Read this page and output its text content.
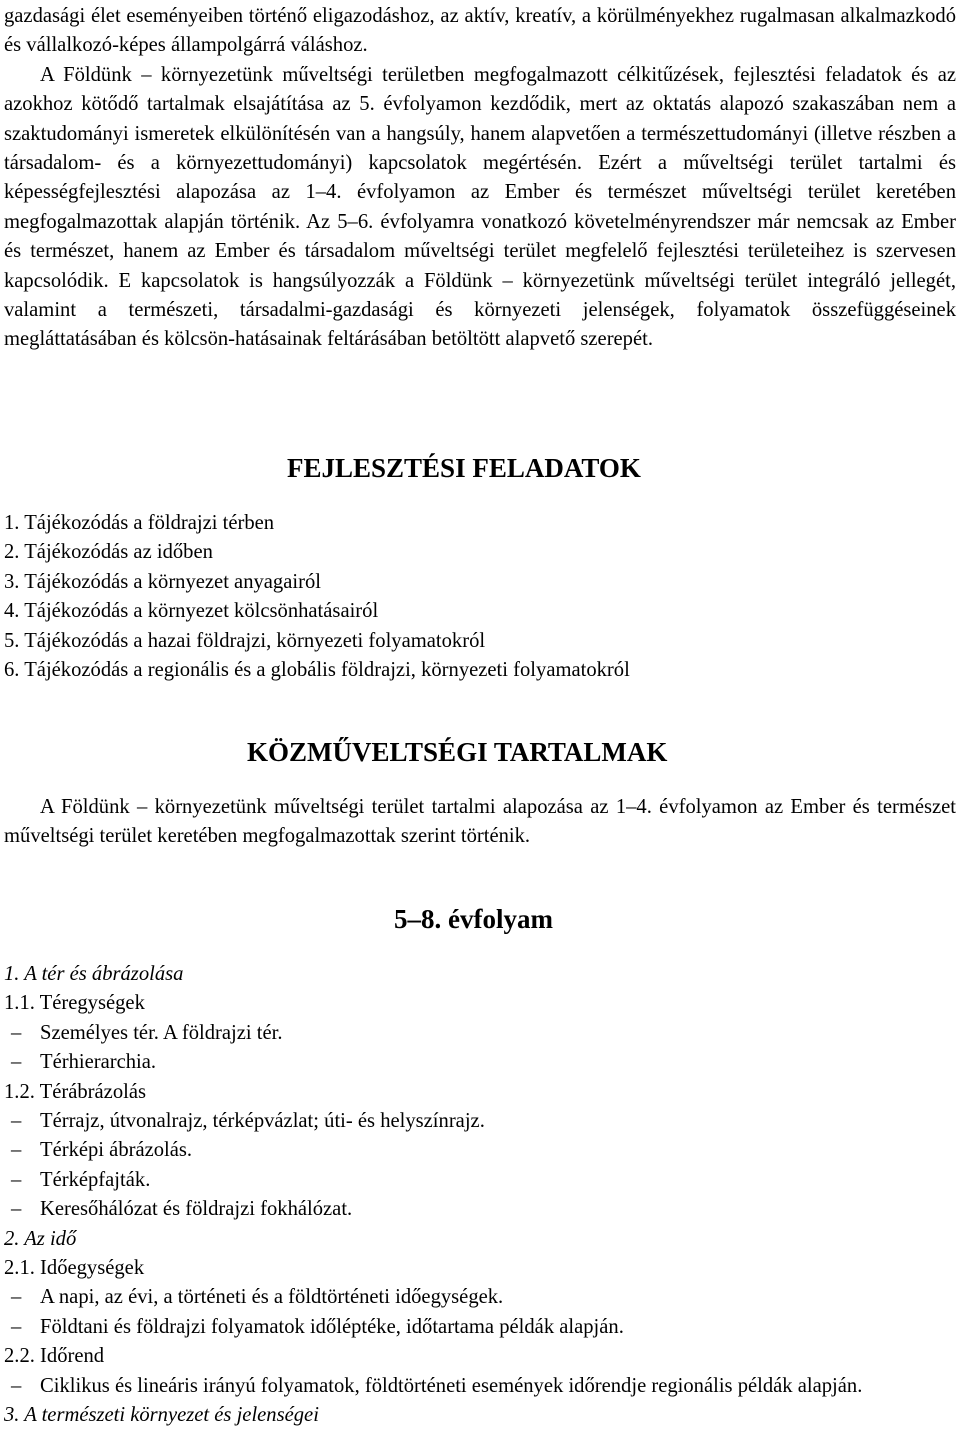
gazdasági élet eseményeiben történő eligazodáshoz, az aktív, kreatív, a körülményekhez rugalmasan alkalmazkodó és vállalkozó-képes állampolgárrá váláshoz.

A Földünk – környezetünk műveltségi területben megfogalmazott célkitűzések, fejlesztési feladatok és az azokhoz kötődő tartalmak elsajátítása az 5. évfolyamon kezdődik, mert az oktatás alapozó szakaszában nem a szaktudományi ismeretek elkülönítésén van a hangsúly, hanem alapvetően a természettudományi (illetve részben a társadalom- és a környezettudományi) kapcsolatok megértésén. Ezért a műveltségi terület tartalmi és képességfejlesztési alapozása az 1–4. évfolyamon az Ember és természet műveltségi terület keretében megfogalmazottak alapján történik. Az 5–6. évfolyamra vonatkozó követelményrendszer már nemcsak az Ember és természet, hanem az Ember és társadalom műveltségi terület megfelelő fejlesztési területeihez is szervesen kapcsolódik. E kapcsolatok is hangsúlyozzák a Földünk – környezetünk műveltségi terület integráló jellegét, valamint a természeti, társadalmi-gazdasági és környezeti jelenségek, folyamatok összefüggéseinek megláttatásában és kölcsön-hatásainak feltárásában betöltött alapvető szerepét.

FEJLESZTÉSI FELADATOK
1. Tájékozódás a földrajzi térben
2. Tájékozódás az időben
3. Tájékozódás a környezet anyagairól
4. Tájékozódás a környezet kölcsönhatásairól
5. Tájékozódás a hazai földrajzi, környezeti folyamatokról
6. Tájékozódás a regionális és a globális földrajzi, környezeti folyamatokról
KÖZMŰVELTSÉGI TARTALMAK

A Földünk – környezetünk műveltségi terület tartalmi alapozása az 1–4. évfolyamon az Ember és természet műveltségi terület keretében megfogalmazottak szerint történik.

5–8. évfolyam
1. A tér és ábrázolása
1.1. Téregységek
– Személyes tér. A földrajzi tér.
– Térhierarchia.
1.2. Térábrázolás
– Térrajz, útvonalrajz, térképvázlat; úti- és helyszínrajz.
– Térképi ábrázolás.
– Térképfajták.
– Keresőhálózat és földrajzi fokhálózat.
2. Az idő
2.1. Időegységek
– A napi, az évi, a történeti és a földtörténeti időegységek.
– Földtani és földrajzi folyamatok időléptéke, időtartama példák alapján.
2.2. Időrend
– Ciklikus és lineáris irányú folyamatok, földtörténeti események időrendje regionális példák alapján.
3. A természeti környezet és jelenségei
